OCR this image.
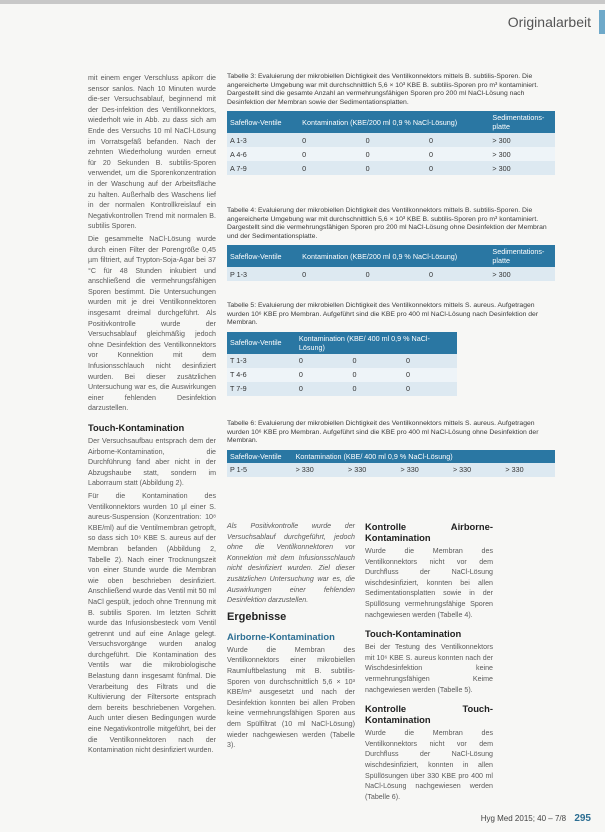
Originalarbeit

mit einem enger Verschluss apikorr die sensor sanlos. Nach 10 Minuten wurde die-ser Versuchsablauf, beginnend mit der Des-infektion des Ventilkonnektors, wiederholt wie in Abb. zu dass sich am Ende des Versuchs 10 ml NaCl-Lösung im Vorratsgefäß befanden. Nach der zehnten Wiederholung wurden erneut für 20 Sekunden B. subtilis-Sporen verwendet, um die Sporenkonzentration in der Waschung auf der Arbeitsfläche zu halten. Außerhalb des Waschens lief in der normalen Kontrollkreislauf ein Negativkontrollen Trend mit normalen B. subtilis Sporen.

Die gesammelte NaCl-Lösung wurde durch einen Filter der Porengröße 0,45 µm filtriert, auf Trypton-Soja-Agar bei 37 °C für 48 Stunden inkubiert und anschließend die vermehrungsfähigen Sporen bestimmt. Die Untersuchungen wurden mit je drei Ventilkonnektoren insgesamt dreimal durchgeführt. Als Positivkontrolle wurde der Versuchsablauf gleichmäßig jedoch ohne Desinfektion des Ventilkonnektors vor Konnektion mit dem Infusionsschlauch nicht desinfiziert wurden. Bei dieser zusätzlichen Untersuchung war es, die Auswirkungen einer fehlenden Desinfektion darzustellen.

Touch-Kontamination

Der Versuchsaufbau entsprach dem der Airborne-Kontamination, die Durchführung fand aber nicht in der Abzugshaube statt, sondern im Laborraum statt (Abbildung 2).

Für die Kontamination des Ventilkonnektors wurden 10 µl einer S. aureus-Suspension (Konzentration: 10⁸ KBE/ml) auf die Ventilmembran getropft, so dass sich 10⁶ KBE S. aureus auf der Membran befanden (Abbildung 2, Tabelle 2). Nach einer Trocknungszeit von einer Stunde wurde die Membran wie oben beschrieben desinfiziert. Anschließend wurde das Ventil mit 50 ml NaCl gespült, jedoch ohne Trennung mit B. subtilis Sporen. Im letzten Schritt wurde das Infusionsbesteck vom Ventil getrennt und auf eine Anlage gelegt. Versuchsvorgänge wurden analog durchgeführt. Die Kontamination des Ventils war die mikrobiologische Belastung dann insgesamt fünfmal. Die Verarbeitung des Filtrats und die Kultivierung der Filtersorte entsprach dem bereits beschriebenen Vorgehen. Auch unter diesen Bedingungen wurde eine Negativkontrolle mitgeführt, bei der die Ventilkonnektoren nach der Kontamination nicht desinfiziert wurden.

Tabelle 3: Evaluierung der mikrobiellen Dichtigkeit des Ventilkonnektors mittels B. subtilis-Sporen. Die angereicherte Umgebung war mit durchschnittlich 5,6 × 10³ KBE B. subtilis-Sporen pro m³ kontaminiert. Dargestellt sind die gesamte Anzahl an vermehrungsfähigen Sporen pro 200 ml NaCl-Lösung nach Desinfektion der Membran sowie der Sedimentationsplatten.
Safeflow-Ventile	Kontamination (KBE/200 ml 0,9 % NaCl-Lösung)			Sedimentations-platte
A 1-3	0	0	0	> 300
A 4-6	0	0	0	> 300
A 7-9	0	0	0	> 300
Tabelle 4: Evaluierung der mikrobiellen Dichtigkeit des Ventilkonnektors mittels B. subtilis-Sporen. Die angereicherte Umgebung war mit durchschnittlich 5,6 × 10³ KBE B. subtilis-Sporen pro m³ kontaminiert. Dargestellt sind die vermehrungsfähigen Sporen pro 200 ml NaCl-Lösung ohne Desinfektion der Membran und der Sedimentationsplatte.
Safeflow-Ventile	Kontamination (KBE/200 ml 0,9 % NaCl-Lösung)			Sedimentations-platte
P 1-3	0	0	0	> 300
Tabelle 5: Evaluierung der mikrobiellen Dichtigkeit des Ventilkonnektors mittels S. aureus. Aufgetragen wurden 10⁶ KBE pro Membran. Aufgeführt sind die KBE pro 400 ml NaCl-Lösung nach Desinfektion der Membran.
Safeflow-Ventile	Kontamination (KBE/ 400 ml 0,9 % NaCl-Lösung)		
T 1-3	0	0	0
T 4-6	0	0	0
T 7-9	0	0	0
Tabelle 6: Evaluierung der mikrobiellen Dichtigkeit des Ventilkonnektors mittels S. aureus. Aufgetragen wurden 10⁶ KBE pro Membran. Aufgeführt sind die KBE pro 400 ml NaCl-Lösung ohne Desinfektion der Membran.
Safeflow-Ventile	Kontamination (KBE/ 400 ml 0,9 % NaCl-Lösung)				
P 1-5	> 330	> 330	> 330	> 330	> 330

Als Positivkontrolle wurde der Versuchsablauf durchgeführt, jedoch ohne die Ventilkonnektoren vor Konnektion mit dem Infusionsschlauch nicht desinfiziert wurden. Ziel dieser zusätzlichen Untersuchung war es, die Auswirkungen einer fehlenden Desinfektion darzustellen.

Ergebnisse
Airborne-Kontamination

Wurde die Membran des Ventilkonnektors einer mikrobiellen Raumluftbelastung mit B. subtilis-Sporen von durchschnittlich 5,6 × 10³ KBE/m³ ausgesetzt und nach der Desinfektion konnten bei allen Proben keine vermehrungsfähigen Sporen aus dem Spülfiltrat (10 ml NaCl-Lösung) wieder nachgewiesen werden (Tabelle 3).

Kontrolle Airborne-Kontamination

Wurde die Membran des Ventilkonnektors nicht vor dem Durchfluss der NaCl-Lösung wischdesinfiziert, konnten bei allen Sedimentationsplatten sowie in der Spüllösung vermehrungsfähige Sporen nachgewiesen werden (Tabelle 4).

Touch-Kontamination

Bei der Testung des Ventilkonnektors mit 10⁶ KBE S. aureus konnten nach der Wischdesinfektion keine vermehrungsfähigen Keime nachgewiesen werden (Tabelle 5).

Kontrolle Touch-Kontamination

Wurde die Membran des Ventilkonnektors nicht vor dem Durchfluss der NaCl-Lösung wischdesinfiziert, konnten in allen Spüllösungen über 330 KBE pro 400 ml NaCl-Lösung nachgewiesen werden (Tabelle 6).

Hyg Med 2015; 40 – 7/8 295
